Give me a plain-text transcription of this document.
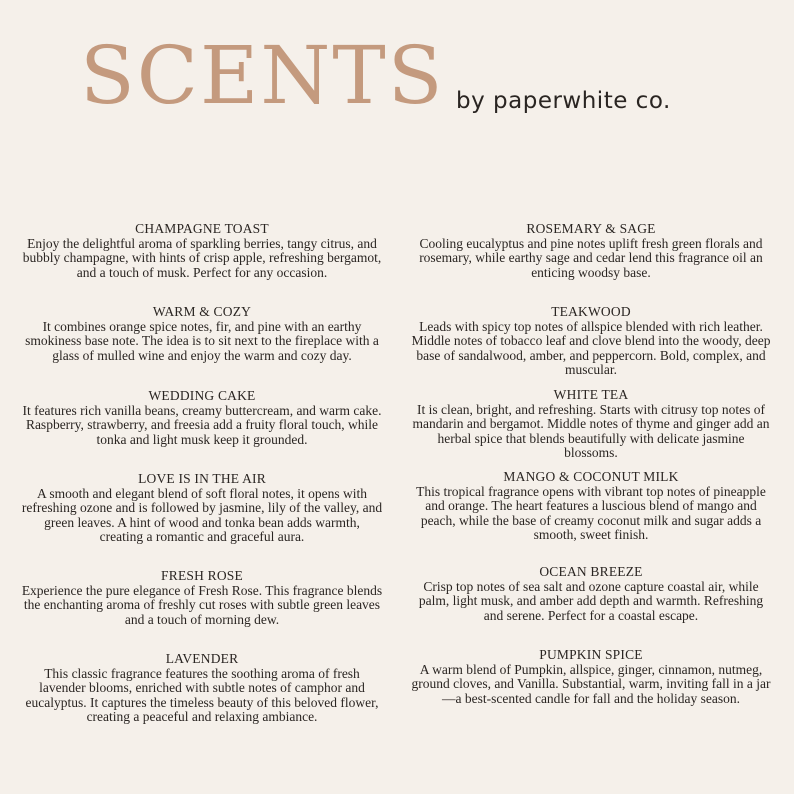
SCENTS by paperwhite co.
CHAMPAGNE TOAST
Enjoy the delightful aroma of sparkling berries, tangy citrus, and bubbly champagne, with hints of crisp apple, refreshing bergamot, and a touch of musk. Perfect for any occasion.
WARM & COZY
It combines orange spice notes, fir, and pine with an earthy smokiness base note. The idea is to sit next to the fireplace with a glass of mulled wine and enjoy the warm and cozy day.
WEDDING CAKE
It features rich vanilla beans, creamy buttercream, and warm cake. Raspberry, strawberry, and freesia add a fruity floral touch, while tonka and light musk keep it grounded.
LOVE IS IN THE AIR
A smooth and elegant blend of soft floral notes, it opens with refreshing ozone and is followed by jasmine, lily of the valley, and green leaves. A hint of wood and tonka bean adds warmth, creating a romantic and graceful aura.
FRESH ROSE
Experience the pure elegance of Fresh Rose. This fragrance blends the enchanting aroma of freshly cut roses with subtle green leaves and a touch of morning dew.
LAVENDER
This classic fragrance features the soothing aroma of fresh lavender blooms, enriched with subtle notes of camphor and eucalyptus. It captures the timeless beauty of this beloved flower, creating a peaceful and relaxing ambiance.
ROSEMARY & SAGE
Cooling eucalyptus and pine notes uplift fresh green florals and rosemary, while earthy sage and cedar lend this fragrance oil an enticing woodsy base.
TEAKWOOD
Leads with spicy top notes of allspice blended with rich leather. Middle notes of tobacco leaf and clove blend into the woody, deep base of sandalwood, amber, and peppercorn. Bold, complex, and muscular.
WHITE TEA
It is clean, bright, and refreshing. Starts with citrusy top notes of mandarin and bergamot. Middle notes of thyme and ginger add an herbal spice that blends beautifully with delicate jasmine blossoms.
MANGO & COCONUT MILK
This tropical fragrance opens with vibrant top notes of pineapple and orange. The heart features a luscious blend of mango and peach, while the base of creamy coconut milk and sugar adds a smooth, sweet finish.
OCEAN BREEZE
Crisp top notes of sea salt and ozone capture coastal air, while palm, light musk, and amber add depth and warmth. Refreshing and serene. Perfect for a coastal escape.
PUMPKIN SPICE
A warm blend of Pumpkin, allspice, ginger, cinnamon, nutmeg, ground cloves, and Vanilla. Substantial, warm, inviting fall in a jar—a best-scented candle for fall and the holiday season.
